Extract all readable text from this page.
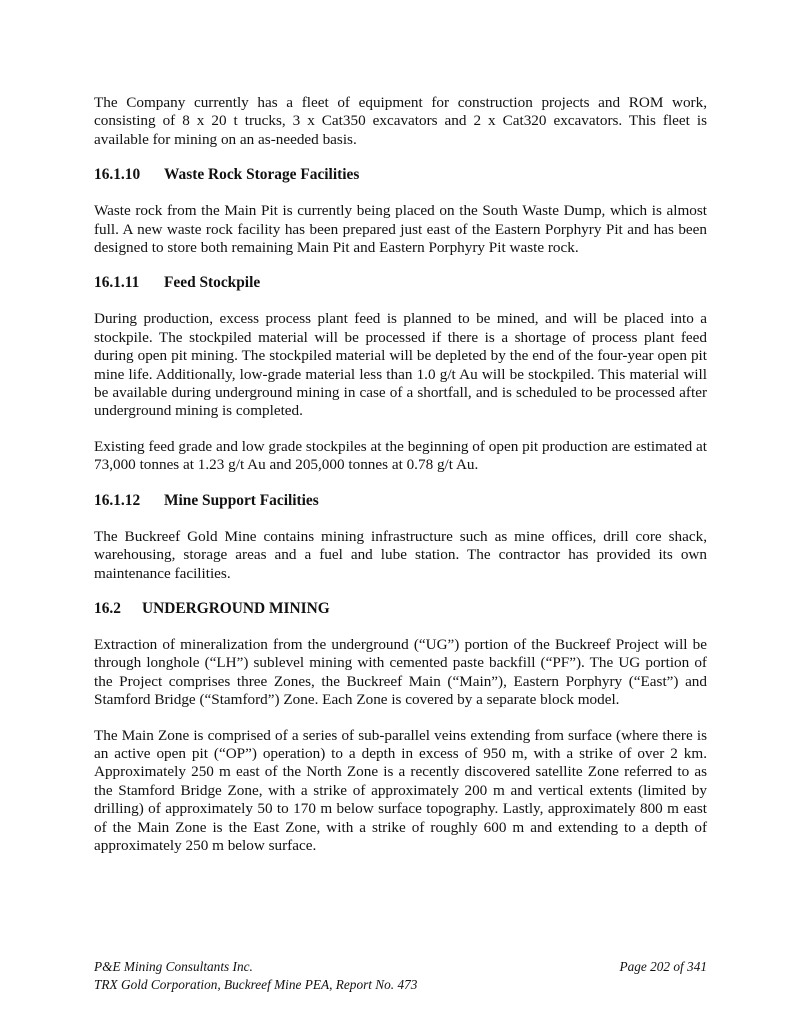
The Company currently has a fleet of equipment for construction projects and ROM work, consisting of 8 x 20 t trucks, 3 x Cat350 excavators and 2 x Cat320 excavators. This fleet is available for mining on an as-needed basis.

16.1.10 Waste Rock Storage Facilities

Waste rock from the Main Pit is currently being placed on the South Waste Dump, which is almost full. A new waste rock facility has been prepared just east of the Eastern Porphyry Pit and has been designed to store both remaining Main Pit and Eastern Porphyry Pit waste rock.

16.1.11 Feed Stockpile

During production, excess process plant feed is planned to be mined, and will be placed into a stockpile. The stockpiled material will be processed if there is a shortage of process plant feed during open pit mining. The stockpiled material will be depleted by the end of the four-year open pit mine life. Additionally, low-grade material less than 1.0 g/t Au will be stockpiled. This material will be available during underground mining in case of a shortfall, and is scheduled to be processed after underground mining is completed.

Existing feed grade and low grade stockpiles at the beginning of open pit production are estimated at 73,000 tonnes at 1.23 g/t Au and 205,000 tonnes at 0.78 g/t Au.

16.1.12 Mine Support Facilities

The Buckreef Gold Mine contains mining infrastructure such as mine offices, drill core shack, warehousing, storage areas and a fuel and lube station. The contractor has provided its own maintenance facilities.

16.2 UNDERGROUND MINING

Extraction of mineralization from the underground (“UG”) portion of the Buckreef Project will be through longhole (“LH”) sublevel mining with cemented paste backfill (“PF”). The UG portion of the Project comprises three Zones, the Buckreef Main (“Main”), Eastern Porphyry (“East”) and Stamford Bridge (“Stamford”) Zone. Each Zone is covered by a separate block model.

The Main Zone is comprised of a series of sub-parallel veins extending from surface (where there is an active open pit (“OP”) operation) to a depth in excess of 950 m, with a strike of over 2 km. Approximately 250 m east of the North Zone is a recently discovered satellite Zone referred to as the Stamford Bridge Zone, with a strike of approximately 200 m and vertical extents (limited by drilling) of approximately 50 to 170 m below surface topography. Lastly, approximately 800 m east of the Main Zone is the East Zone, with a strike of roughly 600 m and extending to a depth of approximately 250 m below surface.

P&E Mining Consultants Inc.	Page 202 of 341
TRX Gold Corporation, Buckreef Mine PEA, Report No. 473
